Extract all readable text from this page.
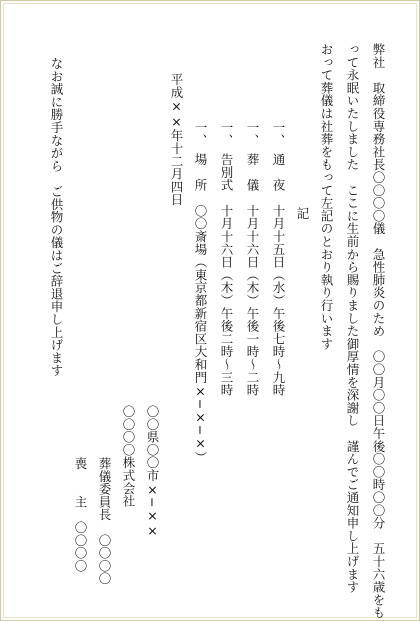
弊社　取締役専務社長〇〇〇〇儀　急性肺炎のため　〇〇月〇〇日午後〇〇時〇〇分　五十六歳をも
って永眠いたしました　ここに生前から賜りました御厚情を深謝し　謹んでご通知申し上げます
おって葬儀は社葬をもって左記のとおり執り行います
記
一、　通　夜　十月十五日（水）午後七時〜九時
一、　葬　儀　十月十六日（木）午後一時〜二時
一、　告別式　十月十六日（木）午後二時〜三時
一、　場　所　〇〇斎場（東京都新宿区大和門×−×−×）
平成××年十二月四日
〇〇県〇〇市×−××
〇〇〇〇株式会社
葬儀委員長　〇〇〇〇
喪　　主　〇〇〇〇
なお誠に勝手ながら　ご供物の儀はご辞退申し上げます
